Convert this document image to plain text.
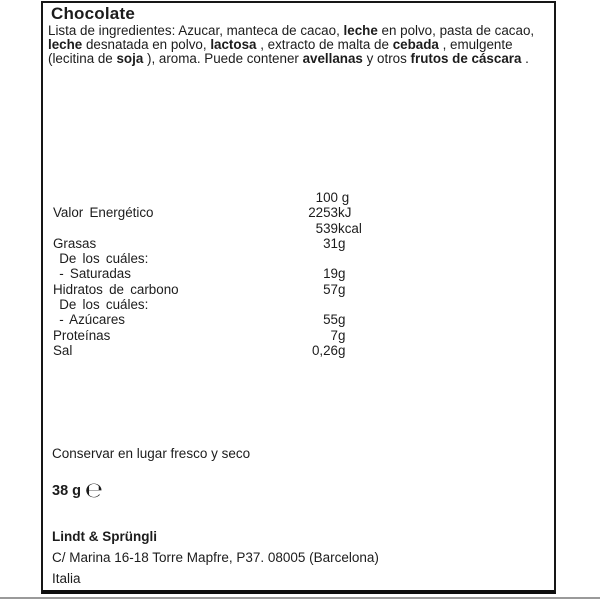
Chocolate
Lista de ingredientes: Azucar, manteca de cacao, leche en polvo, pasta de cacao,
leche desnatada en polvo, lactosa , extracto de malta de cebada , emulgente
(lecitina de soja ), aroma. Puede contener avellanas y otros frutos de cáscara .
100 g
Valor Energético	2253kJ
539kcal
Grasas	31g
De los cuáles:
- Saturadas	19g
Hidratos de carbono	57g
De los cuáles:
- Azúcares	55g
Proteínas	7g
Sal	0,26g
Conservar en lugar fresco y seco
38 g ℮
Lindt & Sprüngli
C/ Marina 16-18 Torre Mapfre, P37. 08005 (Barcelona)
Italia
